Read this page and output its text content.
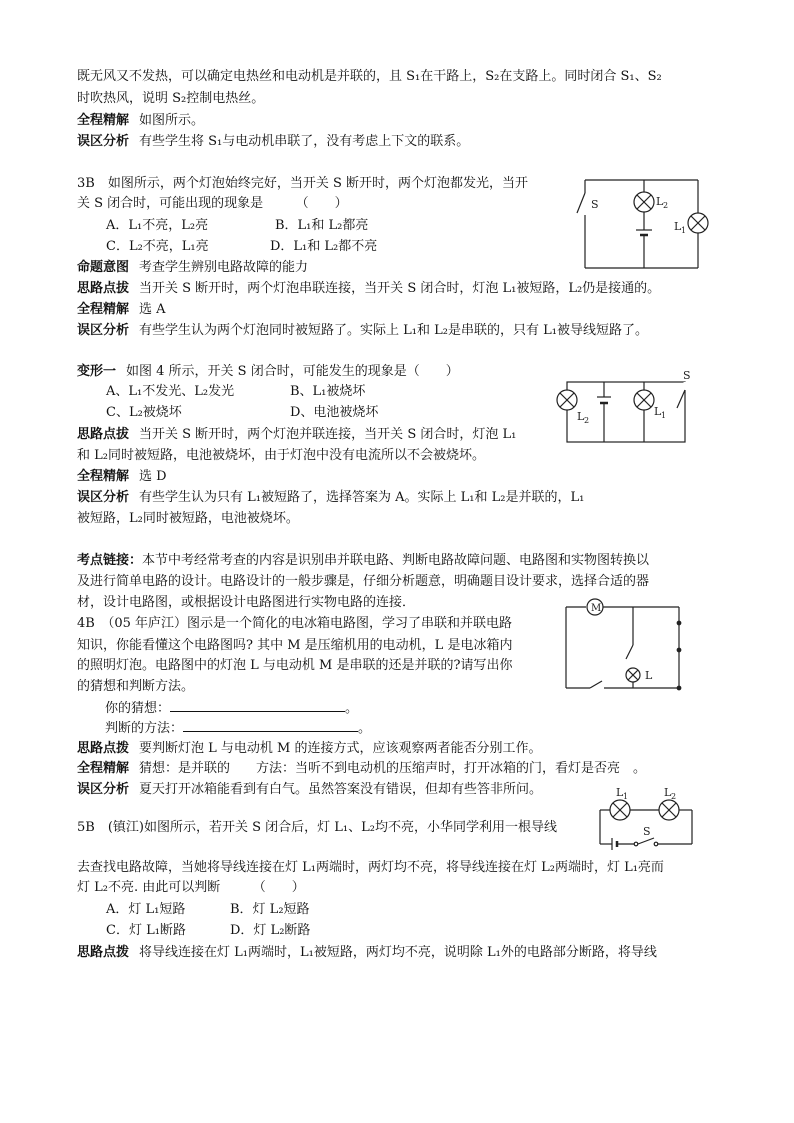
既无风又不发热，可以确定电热丝和电动机是并联的，且 S₁在干路上，S₂在支路上。同时闭合 S₁、S₂
时吹热风，说明 S₂控制电热丝。
全程精解 如图所示。
误区分析 有些学生将 S₁与电动机串联了，没有考虑上下文的联系。
3B　如图所示，两个灯泡始终完好，当开关 S 断开时，两个灯泡都发光，当开
关 S 闭合时，可能出现的现象是　　　（　　）
A．L₁不亮，L₂亮	B．L₁和 L₂都亮
C．L₂不亮，L₁亮	D．L₁和 L₂都不亮
命题意图 考查学生辨别电路故障的能力
思路点拔 当开关 S 断开时，两个灯泡串联连接，当开关 S 闭合时，灯泡 L₁被短路，L₂仍是接通的。
全程精解 选 A
误区分析 有些学生认为两个灯泡同时被短路了。实际上 L₁和 L₂是串联的，只有 L₁被导线短路了。
S	L 2
L 1
变形一 如图 4 所示，开关 S 闭合时，可能发生的现象是（　　）
A、L₁不发光、L₂发光	B、L₁被烧坏
C、L₂被烧坏	D、电池被烧坏
思路点拔 当开关 S 断开时，两个灯泡并联连接，当开关 S 闭合时，灯泡 L₁
和 L₂同时被短路，电池被烧坏，由于灯泡中没有电流所以不会被烧坏。
全程精解 选 D
误区分析 有些学生认为只有 L₁被短路了，选择答案为 A。实际上 L₁和 L₂是并联的，L₁
被短路，L₂同时被短路，电池被烧坏。
L 2
L 1
S
考点链接：本节中考经常考查的内容是识别串并联电路、判断电路故障问题、电路图和实物图转换以
及进行简单电路的设计。电路设计的一般步骤是，仔细分析题意，明确题目设计要求，选择合适的器
材，设计电路图，或根据设计电路图进行实物电路的连接．
4B　（05 年庐江）图示是一个简化的电冰箱电路图，学习了串联和并联电路
知识，你能看懂这个电路图吗? 其中 M 是压缩机用的电动机，L 是电冰箱内
的照明灯泡。电路图中的灯泡 L 与电动机 M 是串联的还是并联的?请写出你
的猜想和判断方法。
你的猜想：	。
判断的方法：	。
思路点拨 要判断灯泡 L 与电动机 M 的连接方式，应该观察两者能否分别工作。
全程精解 猜想：是并联的　　方法：当听不到电动机的压缩声时，打开冰箱的门，看灯是否亮　。
误区分析 夏天打开冰箱能看到有白气。虽然答案没有错误，但却有些答非所问。
M
L
5B　(镇江)如图所示，若开关 S 闭合后，灯 L₁、L₂均不亮，小华同学利用一根导线
去查找电路故障，当她将导线连接在灯 L₁两端时，两灯均不亮，将导线连接在灯 L₂两端时，灯 L₁亮而
灯 L₂不亮. 由此可以判断　　　（　　）
A．灯 L₁短路	B．灯 L₂短路
C．灯 L₁断路	D．灯 L₂断路
思路点拨 将导线连接在灯 L₁两端时，L₁被短路，两灯均不亮，说明除 L₁外的电路部分断路，将导线
L 1	L 2
S
